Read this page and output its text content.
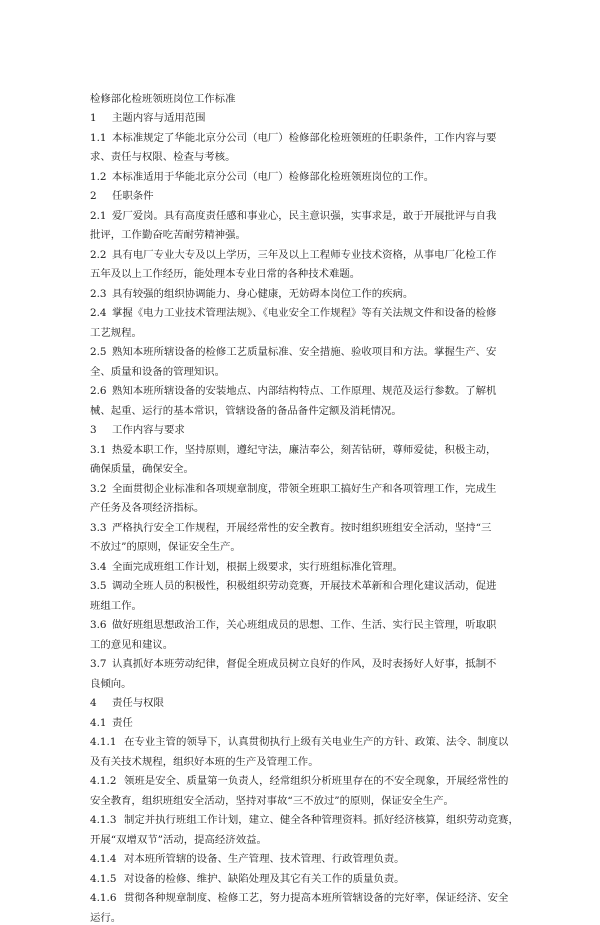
检修部化检班领班岗位工作标准
1 主题内容与适用范围
1.1 本标准规定了华能北京分公司（电厂）检修部化检班领班的任职条件，工作内容与要
求、责任与权限、检查与考核。
1.2 本标准适用于华能北京分公司（电厂）检修部化检班领班岗位的工作。
2 任职条件
2.1 爱厂爱岗。具有高度责任感和事业心，民主意识强，实事求是，敢于开展批评与自我
批评，工作勤奋吃苦耐劳精神强。
2.2 具有电厂专业大专及以上学历，三年及以上工程师专业技术资格，从事电厂化检工作
五年及以上工作经历，能处理本专业日常的各种技术难题。
2.3 具有较强的组织协调能力、身心健康，无妨碍本岗位工作的疾病。
2.4 掌握《电力工业技术管理法规》、《电业安全工作规程》等有关法规文件和设备的检修
工艺规程。
2.5 熟知本班所辖设备的检修工艺质量标准、安全措施、验收项目和方法。掌握生产、安
全、质量和设备的管理知识。
2.6 熟知本班所辖设备的安装地点、内部结构特点、工作原理、规范及运行参数。了解机
械、起重、运行的基本常识，管辖设备的备品备件定额及消耗情况。
3 工作内容与要求
3.1 热爱本职工作，坚持原则，遵纪守法，廉洁奉公，刻苦钻研，尊师爱徒，积极主动，
确保质量，确保安全。
3.2 全面贯彻企业标准和各项规章制度，带领全班职工搞好生产和各项管理工作，完成生
产任务及各项经济指标。
3.3 严格执行安全工作规程，开展经常性的安全教育。按时组织班组安全活动，坚持“三
不放过”的原则，保证安全生产。
3.4 全面完成班组工作计划，根据上级要求，实行班组标准化管理。
3.5 调动全班人员的积极性，积极组织劳动竞赛，开展技术革新和合理化建议活动，促进
班组工作。
3.6 做好班组思想政治工作，关心班组成员的思想、工作、生活、实行民主管理，听取职
工的意见和建议。
3.7 认真抓好本班劳动纪律，督促全班成员树立良好的作风，及时表扬好人好事，抵制不
良倾向。
4 责任与权限
4.1 责任
4.1.1 在专业主管的领导下，认真贯彻执行上级有关电业生产的方针、政策、法令、制度以
及有关技术规程，组织好本班的生产及管理工作。
4.1.2 领班是安全、质量第一负责人，经常组织分析班里存在的不安全现象，开展经常性的
安全教育，组织班组安全活动，坚持对事故“三不放过”的原则，保证安全生产。
4.1.3 制定并执行班组工作计划，建立、健全各种管理资料。抓好经济核算，组织劳动竞赛，
开展“双增双节”活动，提高经济效益。
4.1.4 对本班所管辖的设备、生产管理、技术管理、行政管理负责。
4.1.5 对设备的检修、维护、缺陷处理及其它有关工作的质量负责。
4.1.6 贯彻各种规章制度、检修工艺，努力提高本班所管辖设备的完好率，保证经济、安全
运行。
